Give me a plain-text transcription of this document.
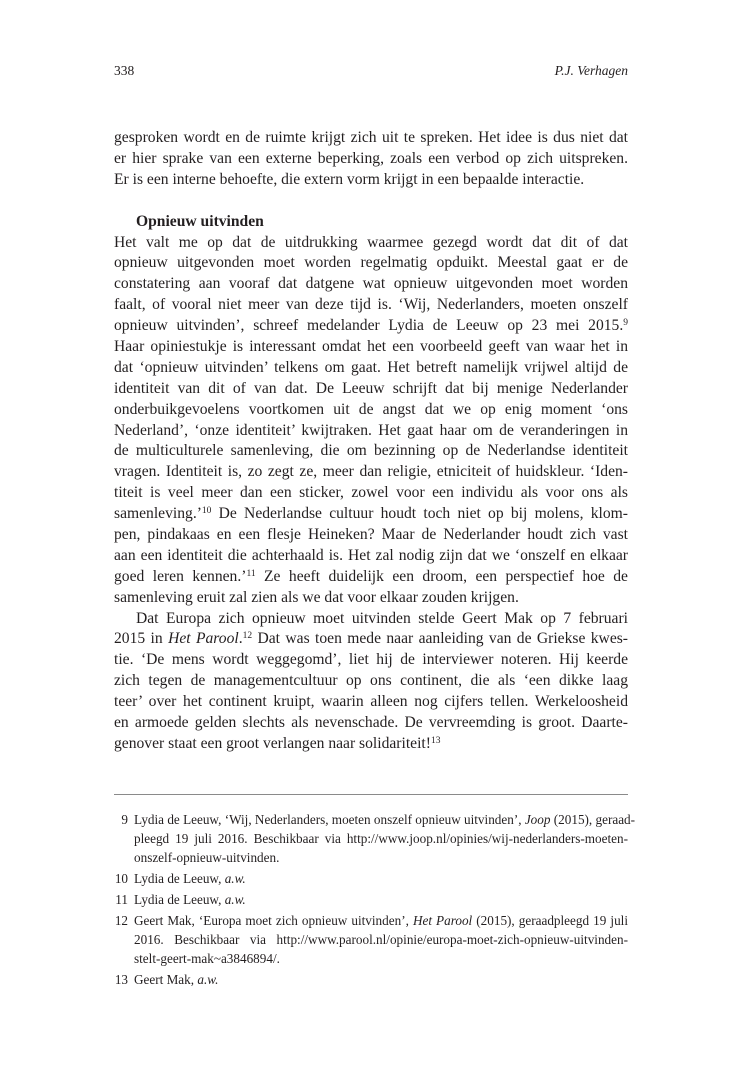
338	P.J. Verhagen
gesproken wordt en de ruimte krijgt zich uit te spreken. Het idee is dus niet dat
er hier sprake van een externe beperking, zoals een verbod op zich uitspreken.
Er is een interne behoefte, die extern vorm krijgt in een bepaalde interactie.
Opnieuw uitvinden
Het valt me op dat de uitdrukking waarmee gezegd wordt dat dit of dat
opnieuw uitgevonden moet worden regelmatig opduikt. Meestal gaat er de
constatering aan vooraf dat datgene wat opnieuw uitgevonden moet worden
faalt, of vooral niet meer van deze tijd is. ‘Wij, Nederlanders, moeten onszelf
opnieuw uitvinden’, schreef medelander Lydia de Leeuw op 23 mei 2015.$^9$
Haar opiniestukje is interessant omdat het een voorbeeld geeft van waar het in
dat ‘opnieuw uitvinden’ telkens om gaat. Het betreft namelijk vrijwel altijd de
identiteit van dit of van dat. De Leeuw schrijft dat bij menige Nederlander
onderbuikgevoelens voortkomen uit de angst dat we op enig moment ‘ons
Nederland’, ‘onze identiteit’ kwijtraken. Het gaat haar om de veranderingen in
de multiculturele samenleving, die om bezinning op de Nederlandse identiteit
vragen. Identiteit is, zo zegt ze, meer dan religie, etniciteit of huidskleur. ‘Iden-
titeit is veel meer dan een sticker, zowel voor een individu als voor ons als
samenleving.’$^{10}$ De Nederlandse cultuur houdt toch niet op bij molens, klom-
pen, pindakaas en een flesje Heineken? Maar de Nederlander houdt zich vast
aan een identiteit die achterhaald is. Het zal nodig zijn dat we ‘onszelf en elkaar
goed leren kennen.’$^{11}$ Ze heeft duidelijk een droom, een perspectief hoe de
samenleving eruit zal zien als we dat voor elkaar zouden krijgen.
Dat Europa zich opnieuw moet uitvinden stelde Geert Mak op 7 februari
2015 in Het Parool.$^{12}$ Dat was toen mede naar aanleiding van de Griekse kwes-
tie. ‘De mens wordt weggegomd’, liet hij de interviewer noteren. Hij keerde
zich tegen de managementcultuur op ons continent, die als ‘een dikke laag
teer’ over het continent kruipt, waarin alleen nog cijfers tellen. Werkeloosheid
en armoede gelden slechts als nevenschade. De vervreemding is groot. Daarte-
genover staat een groot verlangen naar solidariteit!$^{13}$
9 Lydia de Leeuw, ‘Wij, Nederlanders, moeten onszelf opnieuw uitvinden’, Joop (2015), geraad-
pleegd 19 juli 2016. Beschikbaar via http://www.joop.nl/opinies/wij-nederlanders-moeten-
onszelf-opnieuw-uitvinden.
10 Lydia de Leeuw, a.w.
11 Lydia de Leeuw, a.w.
12 Geert Mak, ‘Europa moet zich opnieuw uitvinden’, Het Parool (2015), geraadpleegd 19 juli
2016. Beschikbaar via http://www.parool.nl/opinie/europa-moet-zich-opnieuw-uitvinden-
stelt-geert-mak~a3846894/.
13 Geert Mak, a.w.
